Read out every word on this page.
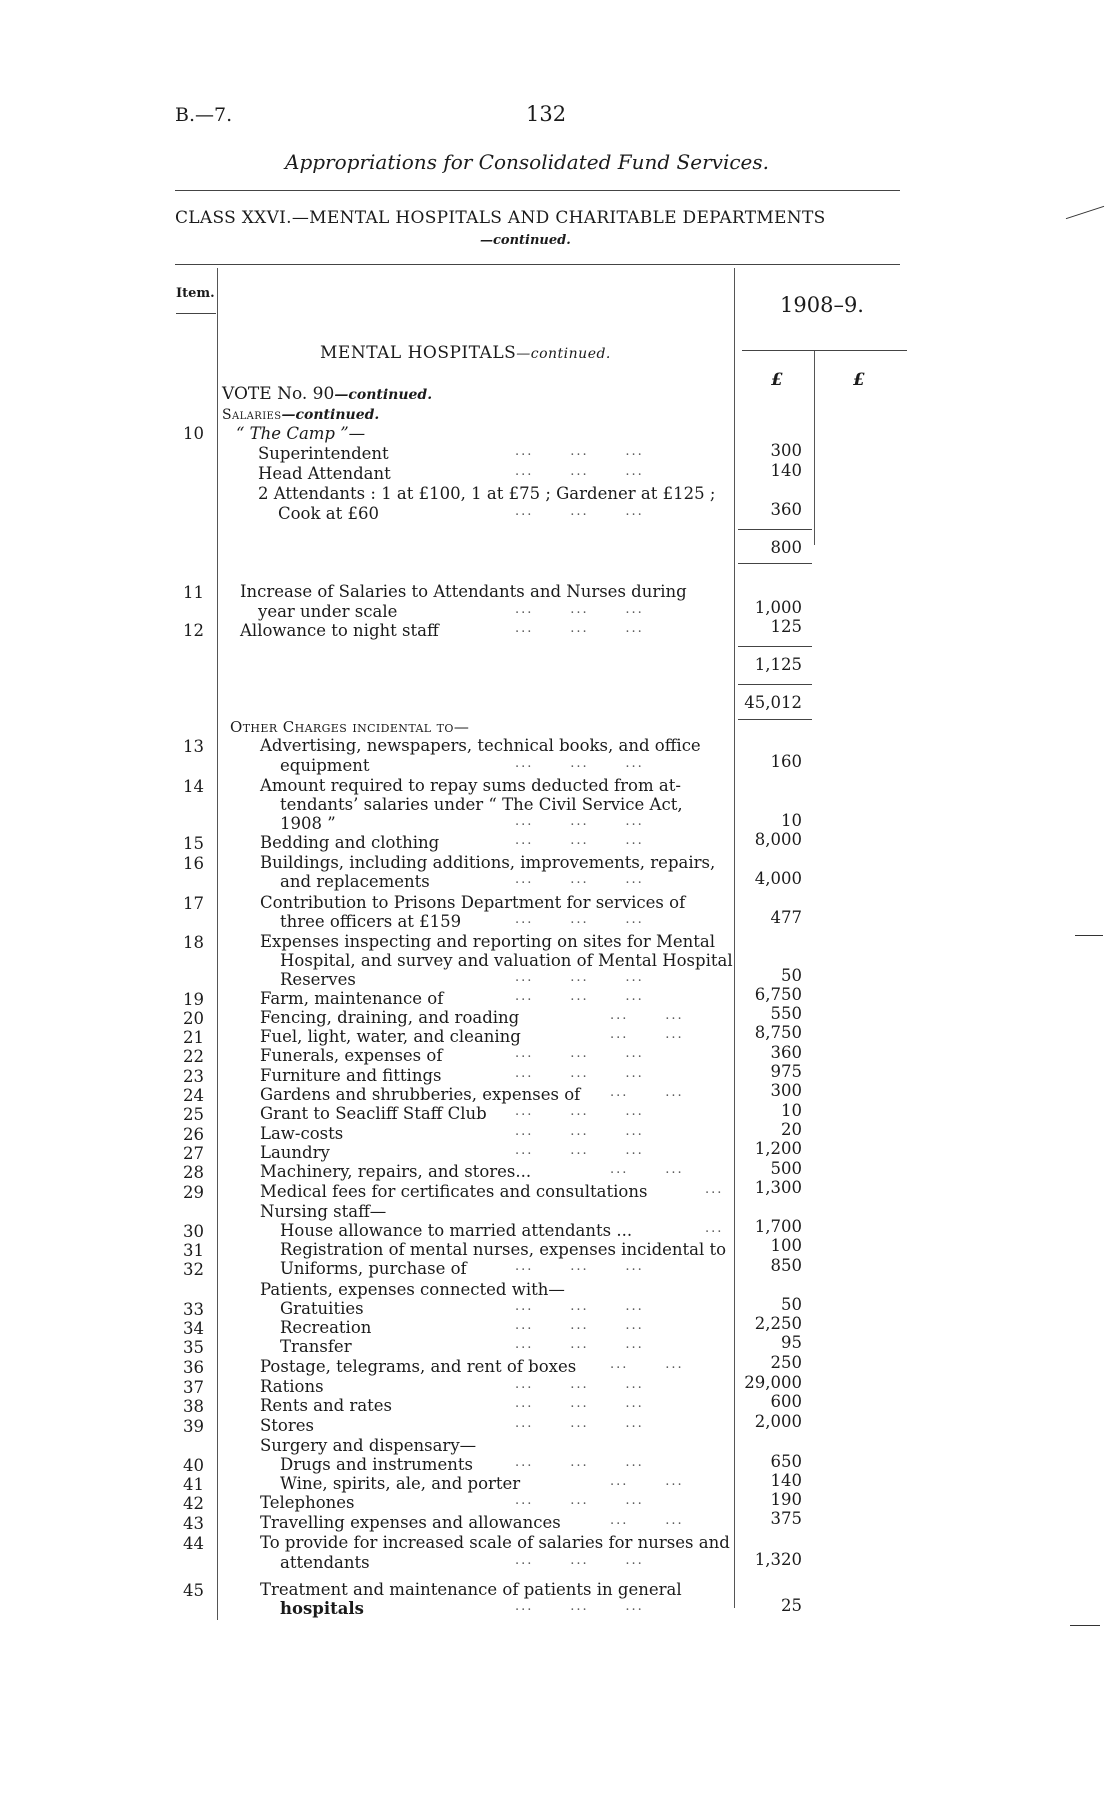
B.—7.	132
Appropriations for Consolidated Fund Services.
CLASS XXVI.—MENTAL HOSPITALS AND CHARITABLE DEPARTMENTS
—continued.
Item.	1908–9.
MENTAL HOSPITALS—continued.
£	£
VOTE No. 90—continued.
Salaries—continued.
10 “ The Camp ”—
Superintendent	...      ...      ...	300
Head Attendant	...      ...      ...	140
2 Attendants : 1 at £100, 1 at £75 ; Gardener at £125 ;
Cook at £60	...      ...      ...	360
800
11 Increase of Salaries to Attendants and Nurses during
year under scale	...      ...      ...	1,000
12 Allowance to night staff	...      ...      ...	125
1,125
45,012
Other Charges incidental to—
13	Advertising, newspapers, technical books, and office
equipment	...      ...      ...	160
14	Amount required to repay sums deducted from at-
tendants’ salaries under “ The Civil Service Act,
1908 ”	...      ...      ...	10
15	Bedding and clothing	...      ...      ...	8,000
16	Buildings, including additions, improvements, repairs,
and replacements	...      ...      ...	4,000
17	Contribution to Prisons Department for services of
three officers at £159	...      ...      ...	477
18	Expenses inspecting and reporting on sites for Mental
Hospital, and survey and valuation of Mental Hospital
Reserves	...      ...      ...	50
19	Farm, maintenance of	...      ...      ...	6,750
20	Fencing, draining, and roading	...      ...	550
21	Fuel, light, water, and cleaning	...      ...	8,750
22	Funerals, expenses of	...      ...      ...	360
23	Furniture and fittings	...      ...      ...	975
24	Gardens and shrubberies, expenses of ...      ...	300
25	Grant to Seacliff Staff Club ...      ...      ...	10
26	Law-costs	...      ...      ...	20
27	Laundry	...      ...      ...	1,200
28	Machinery, repairs, and stores...	...      ...	500
29	Medical fees for certificates and consultations	...	1,300
Nursing staff—
30	House allowance to married attendants ...	...	1,700
31	Registration of mental nurses, expenses incidental to	100
32	Uniforms, purchase of	...      ...      ...	850
Patients, expenses connected with—
33	Gratuities	...      ...      ...	50
34	Recreation	...      ...      ...	2,250
35	Transfer	...      ...      ...	95
36	Postage, telegrams, and rent of boxes	...      ...	250
37	Rations	...      ...      ...	29,000
38	Rents and rates	...      ...      ...	600
39	Stores	...      ...      ...	2,000
Surgery and dispensary—
40	Drugs and instruments	...      ...      ...	650
41	Wine, spirits, ale, and porter	...      ...	140
42	Telephones	...      ...      ...	190
43	Travelling expenses and allowances	...      ...	375
44	To provide for increased scale of salaries for nurses and
attendants	...      ...      ...	1,320
45	Treatment and maintenance of patients in general
hospitals	...      ...      ...	25
